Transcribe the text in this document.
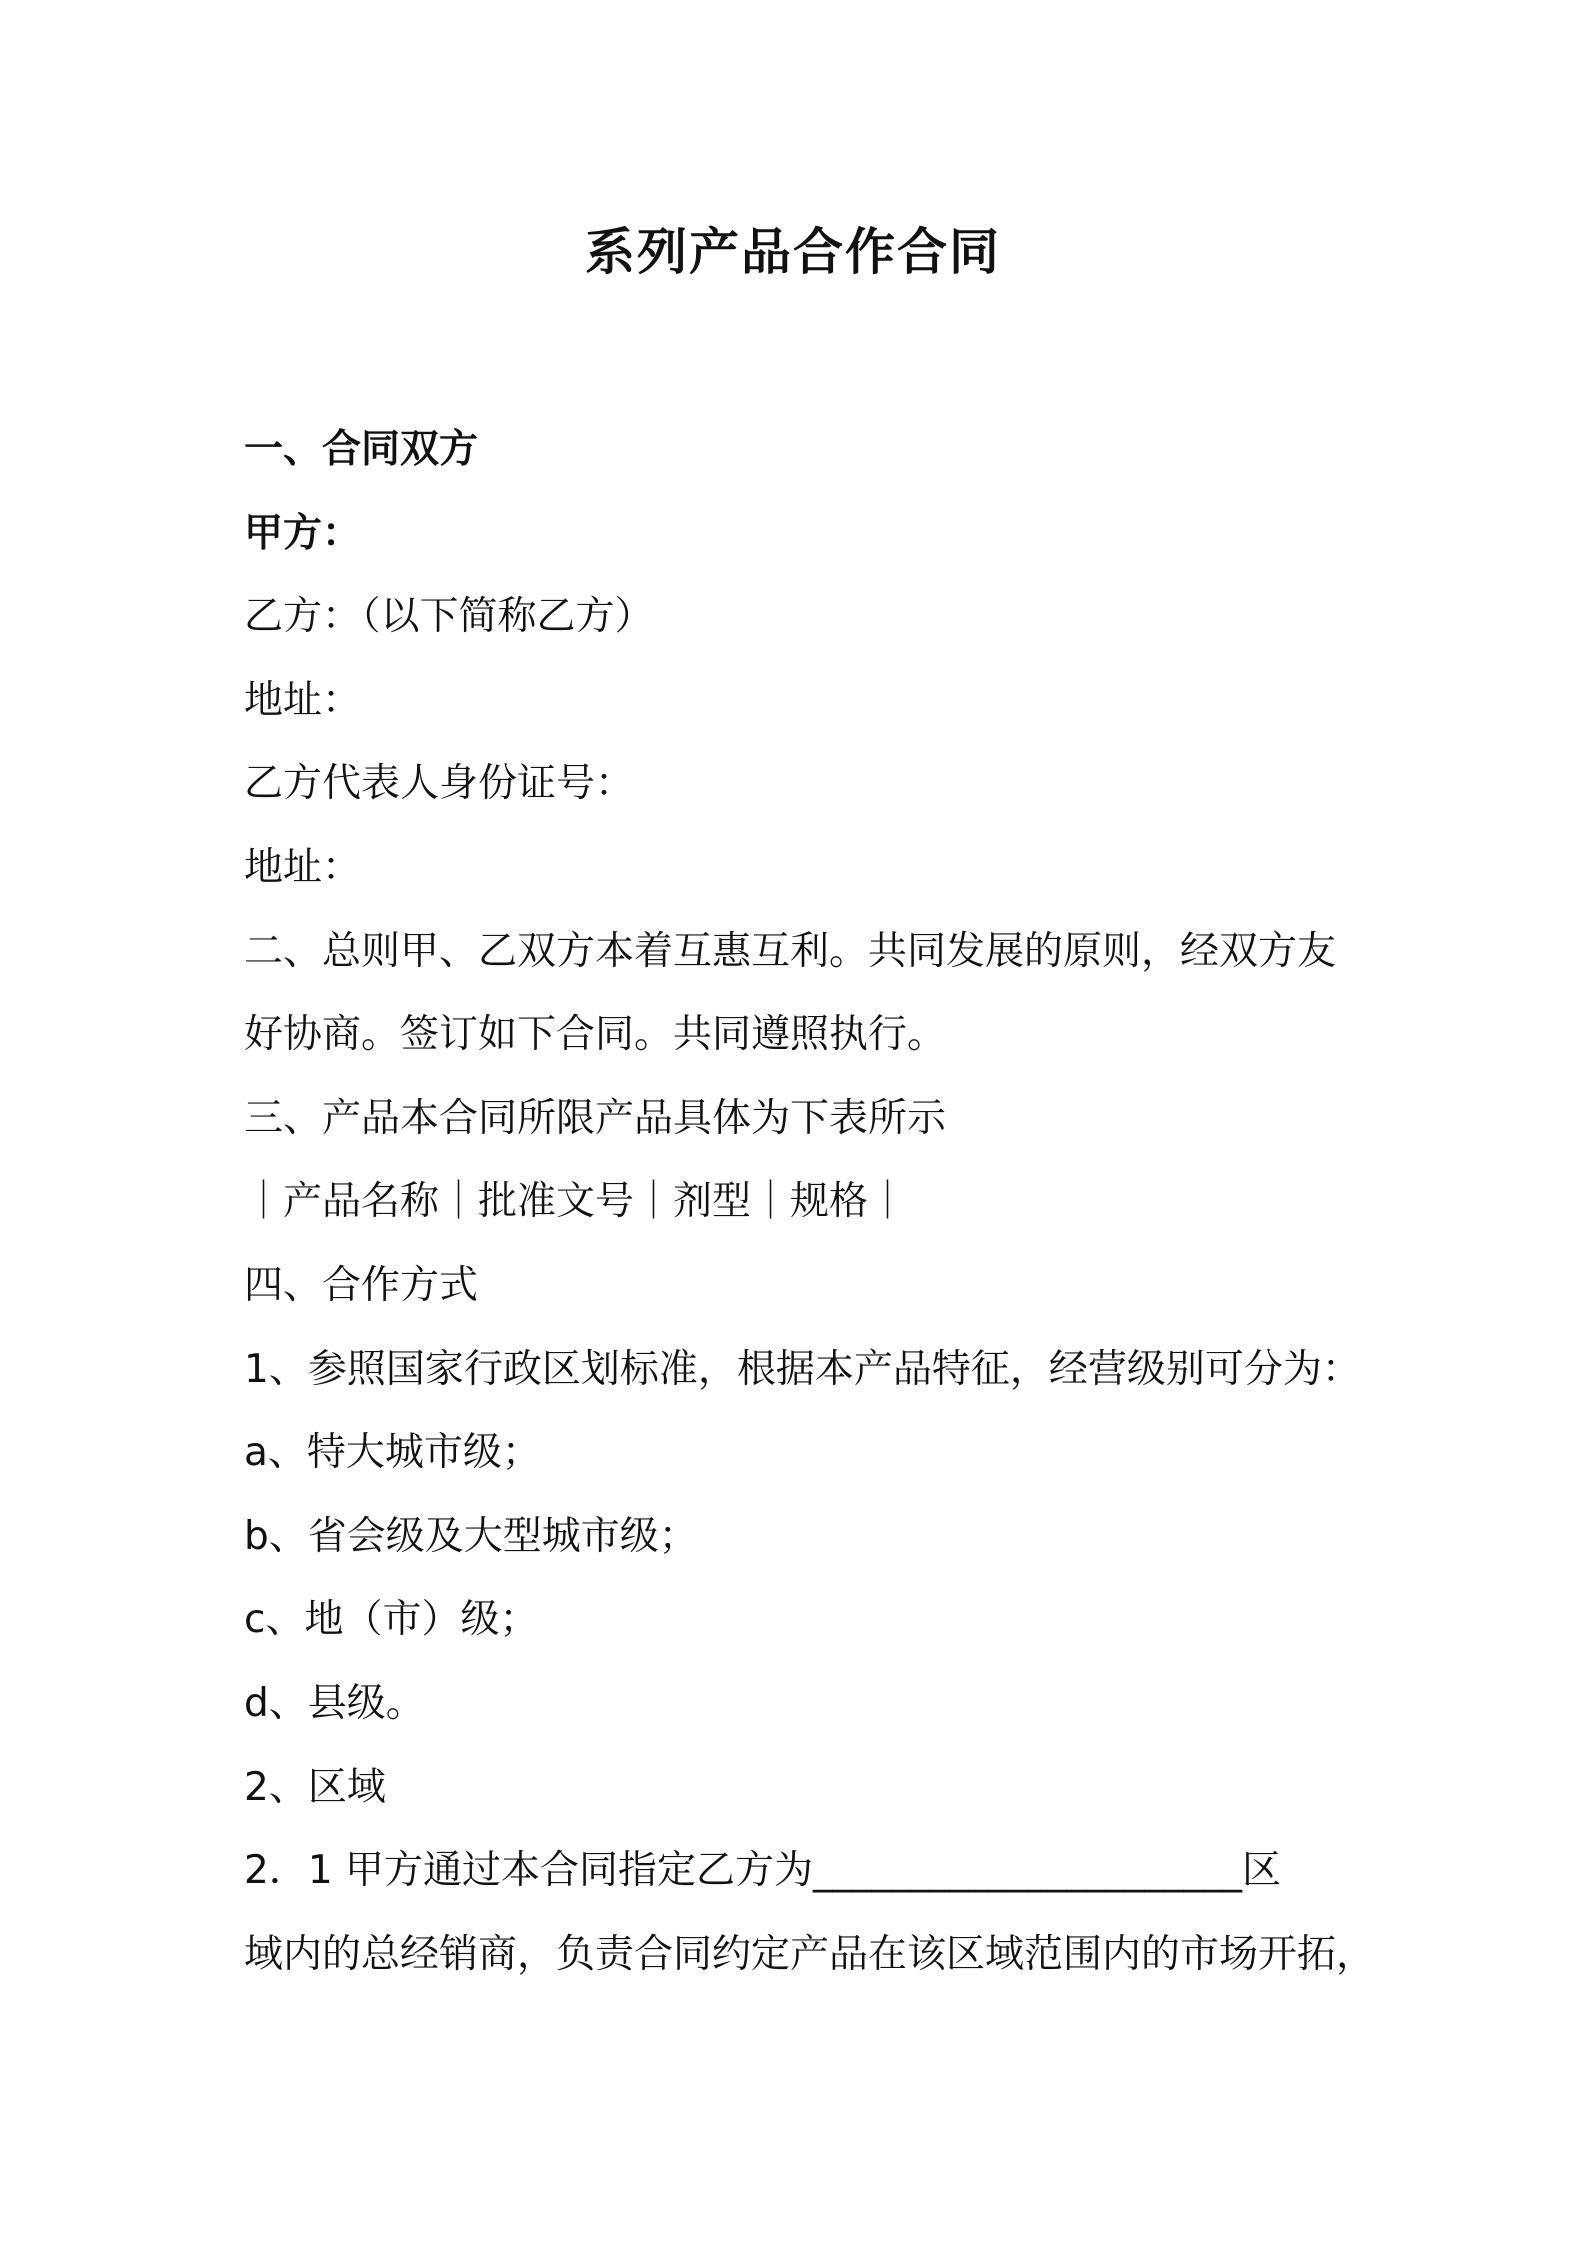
系列产品合作合同
一、合同双方
甲方：
乙方：（以下简称乙方）
地址：
乙方代表人身份证号：
地址：
二、总则甲、乙双方本着互惠互利。共同发展的原则，经双方友
好协商。签订如下合同。共同遵照执行。
三、产品本合同所限产品具体为下表所示
｜产品名称｜批准文号｜剂型｜规格｜
四、合作方式
1、参照国家行政区划标准，根据本产品特征，经营级别可分为：
a、特大城市级；
b、省会级及大型城市级；
c、地（市）级；
d、县级。
2、区域
2．1 甲方通过本合同指定乙方为______________________区
域内的总经销商，负责合同约定产品在该区域范围内的市场开拓，
